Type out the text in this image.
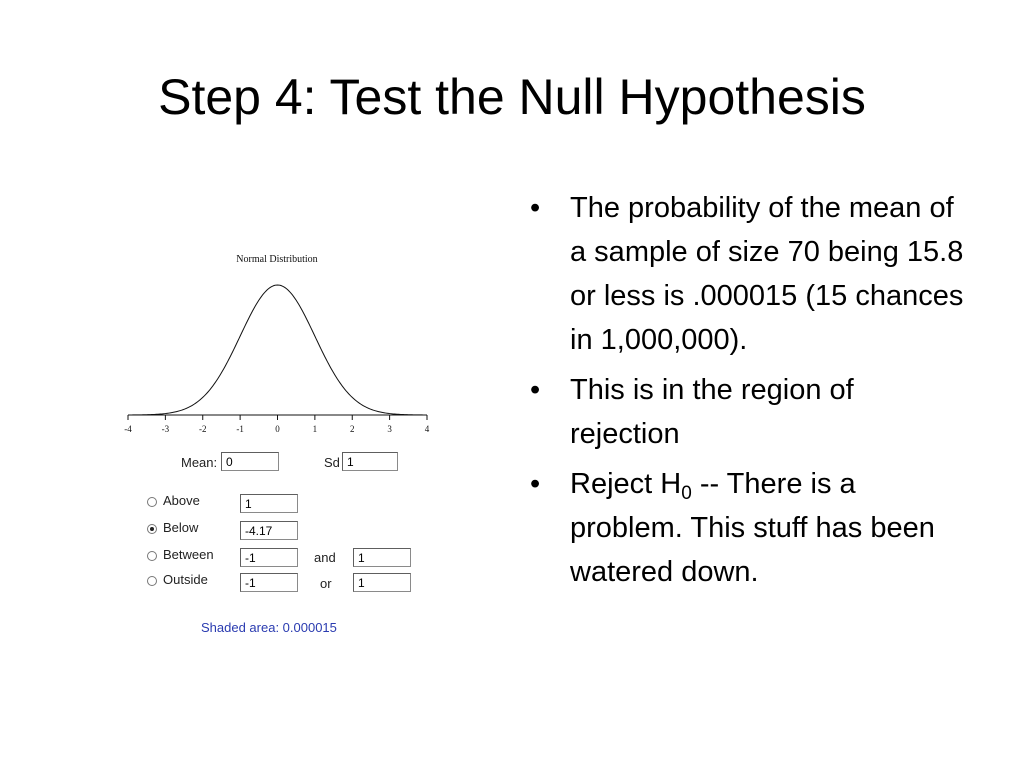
Step 4: Test the Null Hypothesis
Normal Distribution
-4	-3	-2	-1	0	1	2	3	4
Mean: 0	Sd 1
Above	1
Below	-4.17
Between	-1	and	1
Outside	-1	or	1
Shaded area: 0.000015
• The probability of the mean of a sample of size 70 being 15.8 or less is .000015 (15 chances in 1,000,000).
• This is in the region of rejection
• Reject $H_0$ -- There is a problem. This stuff has been watered down.
